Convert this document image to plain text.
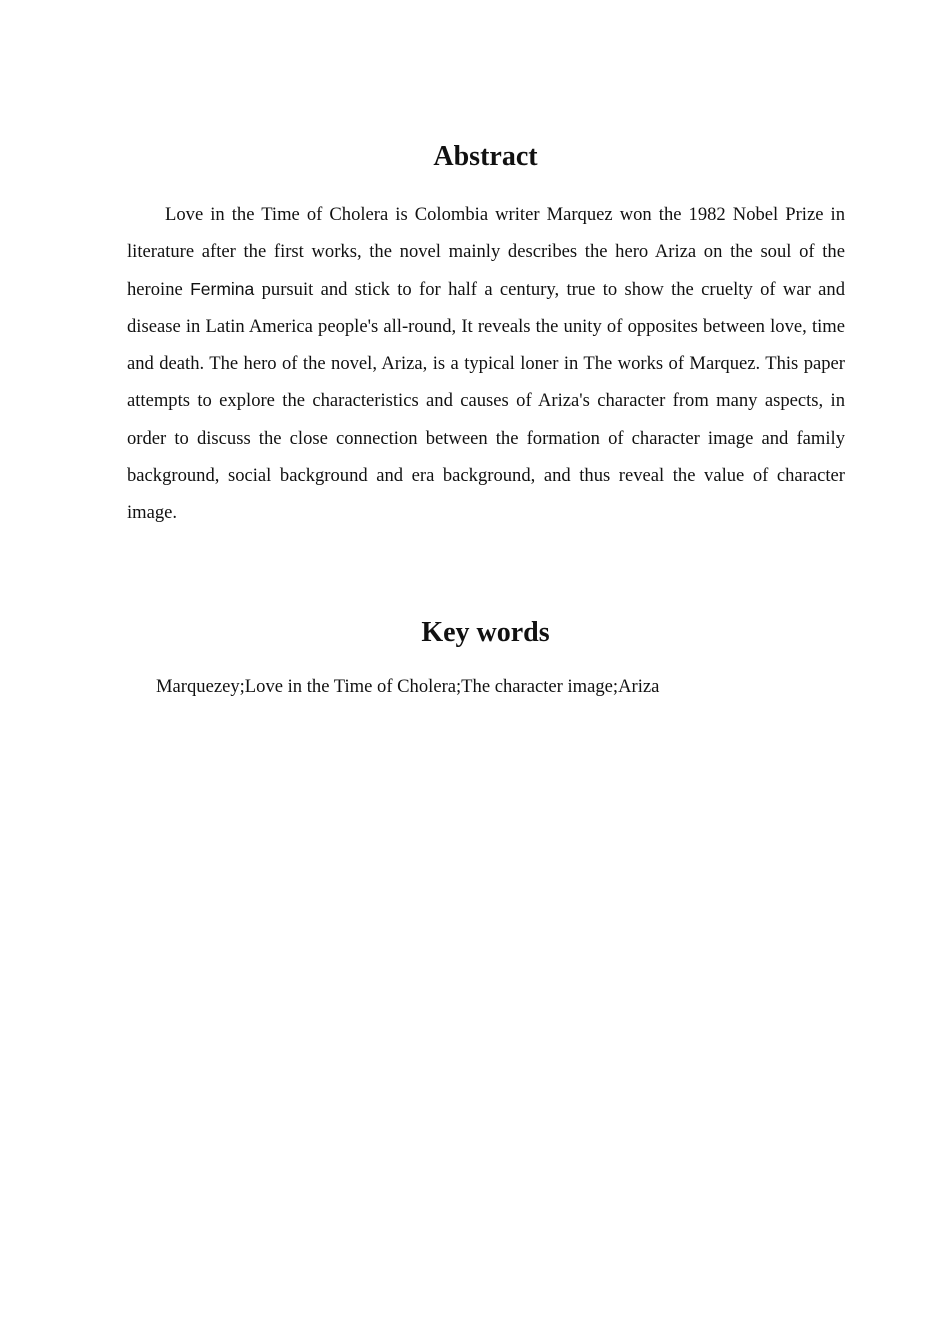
Abstract

Love in the Time of Cholera is Colombia writer Marquez won the 1982 Nobel Prize in literature after the first works, the novel mainly describes the hero Ariza on the soul of the heroine Fermina pursuit and stick to for half a century, true to show the cruelty of war and disease in Latin America people's all-round, It reveals the unity of opposites between love, time and death. The hero of the novel, Ariza, is a typical loner in The works of Marquez. This paper attempts to explore the characteristics and causes of Ariza's character from many aspects, in order to discuss the close connection between the formation of character image and family background, social background and era background, and thus reveal the value of character image.

Key words

Marquezey;Love in the Time of Cholera;The character image;Ariza
